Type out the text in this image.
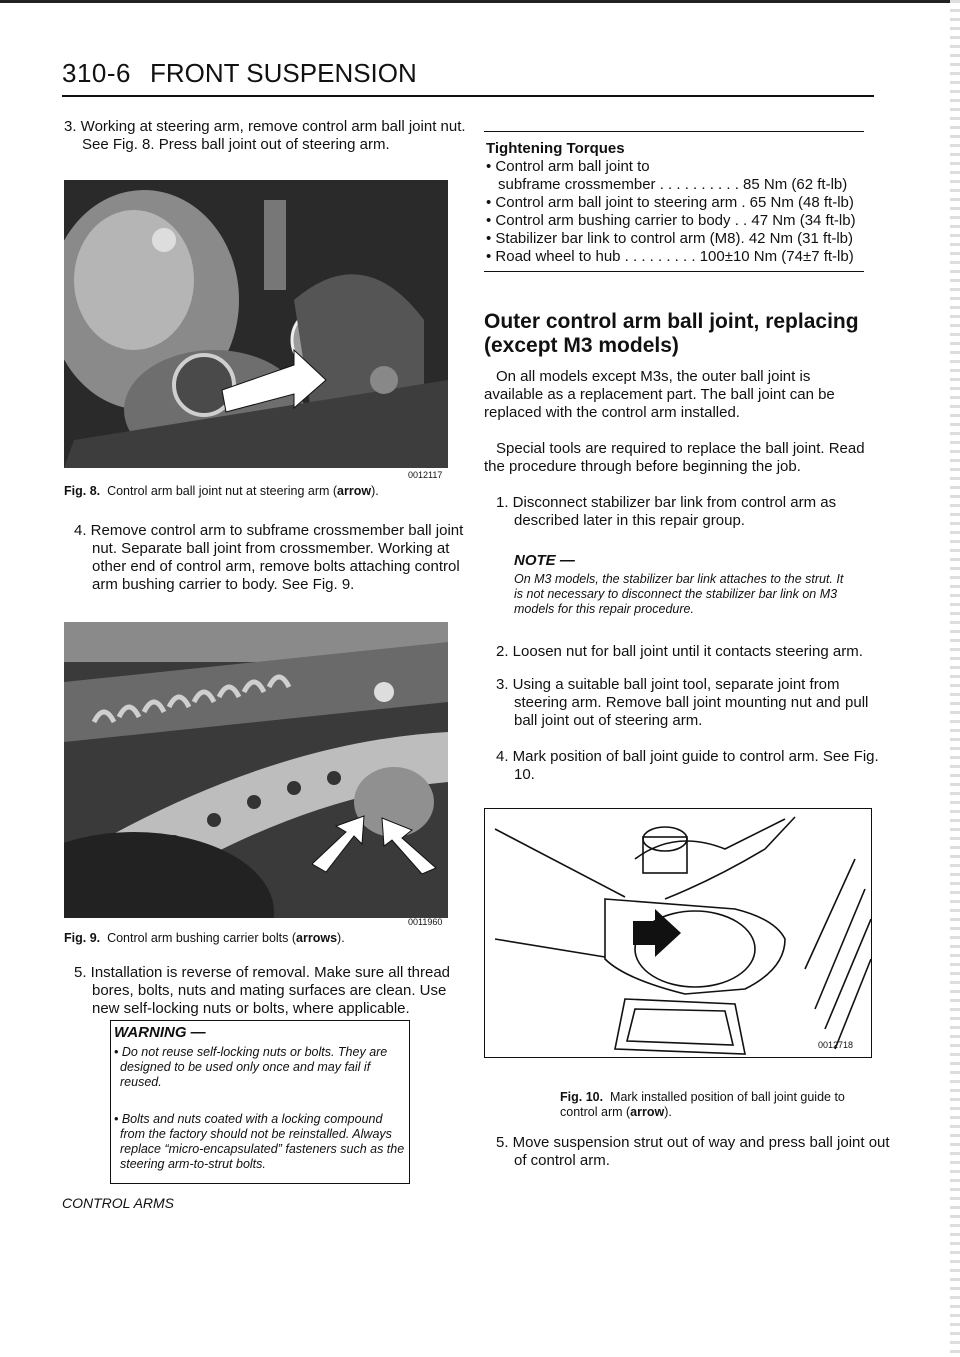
310-6 FRONT SUSPENSION
3. Working at steering arm, remove control arm ball joint nut. See Fig. 8. Press ball joint out of steering arm.
0012117
Fig. 8. Control arm ball joint nut at steering arm (arrow).
4. Remove control arm to subframe crossmember ball joint nut. Separate ball joint from crossmember. Working at other end of control arm, remove bolts attaching control arm bushing carrier to body. See Fig. 9.
0011960
Fig. 9. Control arm bushing carrier bolts (arrows).
5. Installation is reverse of removal. Make sure all thread bores, bolts, nuts and mating surfaces are clean. Use new self-locking nuts or bolts, where applicable.
WARNING —
• Do not reuse self-locking nuts or bolts. They are designed to be used only once and may fail if reused.
• Bolts and nuts coated with a locking compound from the factory should not be reinstalled. Always replace “micro-encapsulated” fasteners such as the steering arm-to-strut bolts.
CONTROL ARMS
Tightening Torques
• Control arm ball joint to
subframe crossmember . . . . . . . . . . 85 Nm (62 ft-lb)
• Control arm ball joint to steering arm . 65 Nm (48 ft-lb)
• Control arm bushing carrier to body . . 47 Nm (34 ft-lb)
• Stabilizer bar link to control arm (M8). 42 Nm (31 ft-lb)
• Road wheel to hub . . . . . . . . . 100±10 Nm (74±7 ft-lb)
Outer control arm ball joint, replacing
(except M3 models)
On all models except M3s, the outer ball joint is available as a replacement part. The ball joint can be replaced with the control arm installed.
Special tools are required to replace the ball joint. Read the procedure through before beginning the job.
1. Disconnect stabilizer bar link from control arm as described later in this repair group.
NOTE —
On M3 models, the stabilizer bar link attaches to the strut. It is not necessary to disconnect the stabilizer bar link on M3 models for this repair procedure.
2. Loosen nut for ball joint until it contacts steering arm.
3. Using a suitable ball joint tool, separate joint from steering arm. Remove ball joint mounting nut and pull ball joint out of steering arm.
4. Mark position of ball joint guide to control arm. See Fig. 10.
0012718
Fig. 10. Mark installed position of ball joint guide to control arm (arrow).
5. Move suspension strut out of way and press ball joint out of control arm.
